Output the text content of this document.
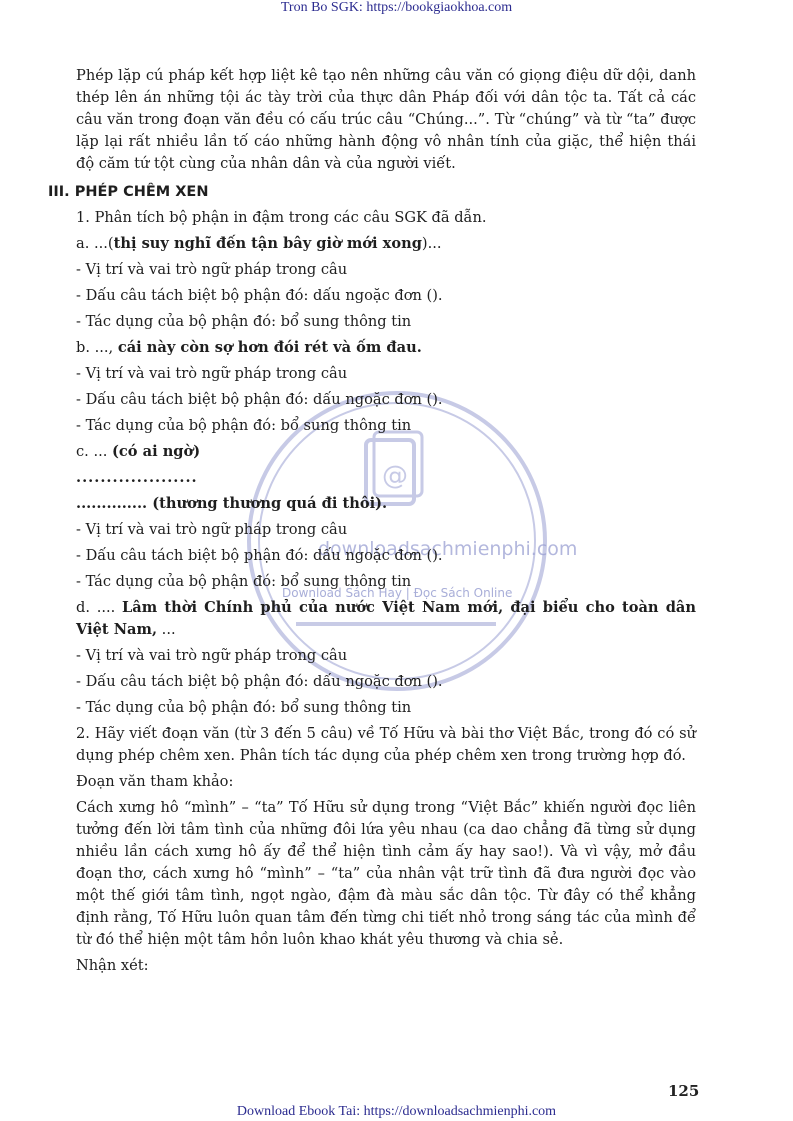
Tron Bo SGK: https://bookgiaokhoa.com
@
downloadsachmienphi.com
Download Sách Hay | Đọc Sách Online

Phép lặp cú pháp kết hợp liệt kê tạo nên những câu văn có giọng điệu dữ dội, danh thép lên án những tội ác tày trời của thực dân Pháp đối với dân tộc ta. Tất cả các câu văn trong đoạn văn đều có cấu trúc câu “Chúng...”. Từ “chúng” và từ “ta” được lặp lại rất nhiều lần tố cáo những hành động vô nhân tính của giặc, thể hiện thái độ căm tứ tột cùng của nhân dân và của người viết.

III. PHÉP CHÊM XEN

1. Phân tích bộ phận in đậm trong các câu SGK đã dẫn.

a. ...(thị suy nghĩ đến tận bây giờ mới xong)...

- Vị trí và vai trò ngữ pháp trong câu

- Dấu câu tách biệt bộ phận đó: dấu ngoặc đơn ().

- Tác dụng của bộ phận đó: bổ sung thông tin

b. ..., cái này còn sợ hơn đói rét và ốm đau.

- Vị trí và vai trò ngữ pháp trong câu

- Dấu câu tách biệt bộ phận đó: dấu ngoặc đơn ().

- Tác dụng của bộ phận đó: bổ sung thông tin

c. ... (có ai ngờ)

....................

.............. (thương thương quá đi thôi).

- Vị trí và vai trò ngữ pháp trong câu

- Dấu câu tách biệt bộ phận đó: dấu ngoặc đơn ().

- Tác dụng của bộ phận đó: bổ sung thông tin

d. .... Lâm thời Chính phủ của nước Việt Nam mới, đại biểu cho toàn dân Việt Nam, ...

- Vị trí và vai trò ngữ pháp trong câu

- Dấu câu tách biệt bộ phận đó: dấu ngoặc đơn ().

- Tác dụng của bộ phận đó: bổ sung thông tin

2. Hãy viết đoạn văn (từ 3 đến 5 câu) về Tố Hữu và bài thơ Việt Bắc, trong đó có sử dụng phép chêm xen. Phân tích tác dụng của phép chêm xen trong trường hợp đó.

Đoạn văn tham khảo:

Cách xưng hô “mình” – “ta” Tố Hữu sử dụng trong “Việt Bắc” khiến người đọc liên tưởng đến lời tâm tình của những đôi lứa yêu nhau (ca dao chẳng đã từng sử dụng nhiều lần cách xưng hô ấy để thể hiện tình cảm ấy hay sao!). Và vì vậy, mở đầu đoạn thơ, cách xưng hô “mình” – “ta” của nhân vật trữ tình đã đưa người đọc vào một thế giới tâm tình, ngọt ngào, đậm đà màu sắc dân tộc. Từ đây có thể khẳng định rằng, Tố Hữu luôn quan tâm đến từng chi tiết nhỏ trong sáng tác của mình để từ đó thể hiện một tâm hồn luôn khao khát yêu thương và chia sẻ.

Nhận xét:

125
Download Ebook Tai: https://downloadsachmienphi.com
